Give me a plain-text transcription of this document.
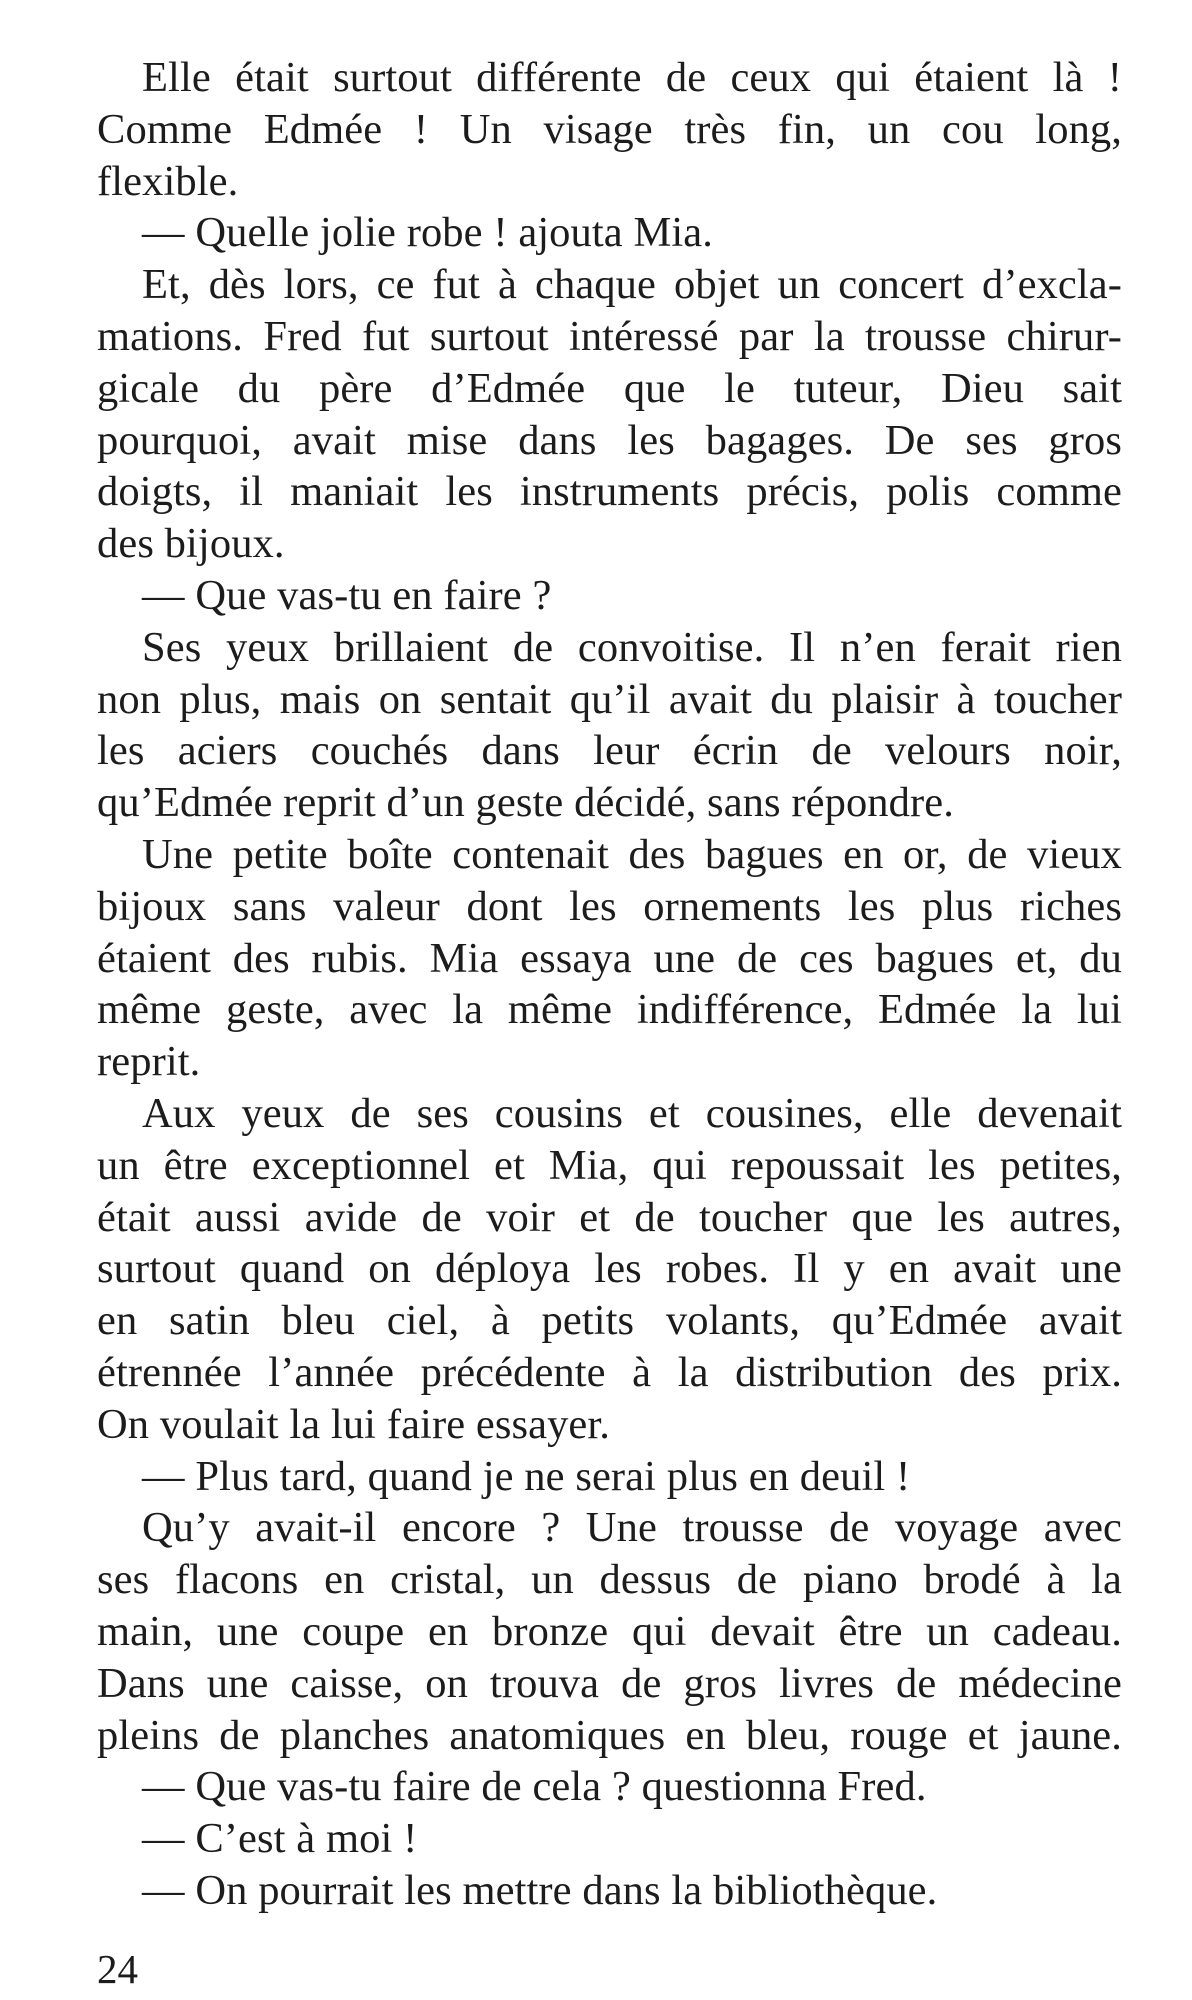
Elle était surtout différente de ceux qui étaient là !
Comme Edmée ! Un visage très fin, un cou long,
flexible.
— Quelle jolie robe ! ajouta Mia.
Et, dès lors, ce fut à chaque objet un concert d’excla-
mations. Fred fut surtout intéressé par la trousse chirur-
gicale du père d’Edmée que le tuteur, Dieu sait
pourquoi, avait mise dans les bagages. De ses gros
doigts, il maniait les instruments précis, polis comme
des bijoux.
— Que vas-tu en faire ?
Ses yeux brillaient de convoitise. Il n’en ferait rien
non plus, mais on sentait qu’il avait du plaisir à toucher
les aciers couchés dans leur écrin de velours noir,
qu’Edmée reprit d’un geste décidé, sans répondre.
Une petite boîte contenait des bagues en or, de vieux
bijoux sans valeur dont les ornements les plus riches
étaient des rubis. Mia essaya une de ces bagues et, du
même geste, avec la même indifférence, Edmée la lui
reprit.
Aux yeux de ses cousins et cousines, elle devenait
un être exceptionnel et Mia, qui repoussait les petites,
était aussi avide de voir et de toucher que les autres,
surtout quand on déploya les robes. Il y en avait une
en satin bleu ciel, à petits volants, qu’Edmée avait
étrennée l’année précédente à la distribution des prix.
On voulait la lui faire essayer.
— Plus tard, quand je ne serai plus en deuil !
Qu’y avait-il encore ? Une trousse de voyage avec
ses flacons en cristal, un dessus de piano brodé à la
main, une coupe en bronze qui devait être un cadeau.
Dans une caisse, on trouva de gros livres de médecine
pleins de planches anatomiques en bleu, rouge et jaune.
— Que vas-tu faire de cela ? questionna Fred.
— C’est à moi !
— On pourrait les mettre dans la bibliothèque.
24
